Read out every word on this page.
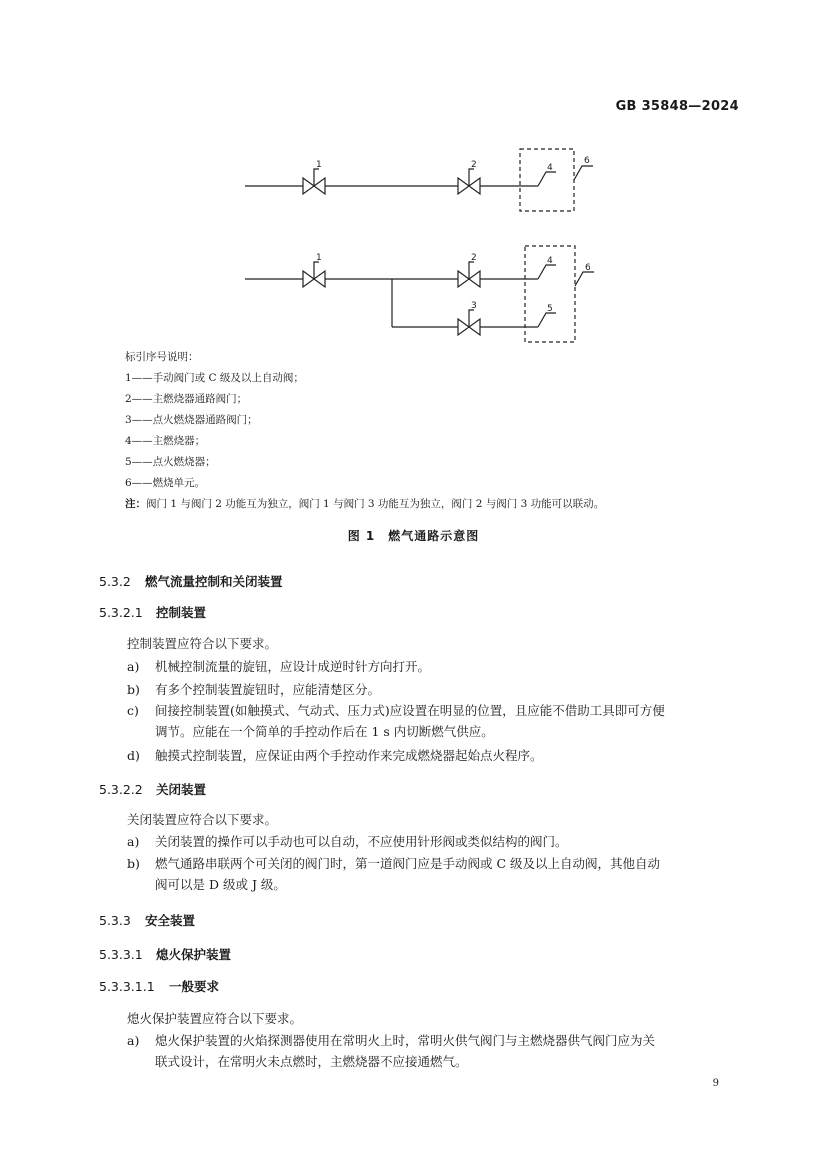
GB 35848—2024
1	2	4
6
1	2
3
4
5
6
标引序号说明：
1——手动阀门或 C 级及以上自动阀；
2——主燃烧器通路阀门；
3——点火燃烧器通路阀门；
4——主燃烧器；
5——点火燃烧器；
6——燃烧单元。
注：阀门 1 与阀门 2 功能互为独立，阀门 1 与阀门 3 功能互为独立，阀门 2 与阀门 3 功能可以联动。
图 1　燃气通路示意图
5.3.2 燃气流量控制和关闭装置
5.3.2.1 控制装置
控制装置应符合以下要求。
a) 机械控制流量的旋钮，应设计成逆时针方向打开。
b) 有多个控制装置旋钮时，应能清楚区分。
c) 间接控制装置(如触摸式、气动式、压力式)应设置在明显的位置，且应能不借助工具即可方便
调节。应能在一个简单的手控动作后在 1 s 内切断燃气供应。
d) 触摸式控制装置，应保证由两个手控动作来完成燃烧器起始点火程序。
5.3.2.2 关闭装置
关闭装置应符合以下要求。
a) 关闭装置的操作可以手动也可以自动，不应使用针形阀或类似结构的阀门。
b) 燃气通路串联两个可关闭的阀门时，第一道阀门应是手动阀或 C 级及以上自动阀，其他自动
阀可以是 D 级或 J 级。
5.3.3 安全装置
5.3.3.1 熄火保护装置
5.3.3.1.1 一般要求
熄火保护装置应符合以下要求。
a) 熄火保护装置的火焰探测器使用在常明火上时，常明火供气阀门与主燃烧器供气阀门应为关
联式设计，在常明火未点燃时，主燃烧器不应接通燃气。
9
